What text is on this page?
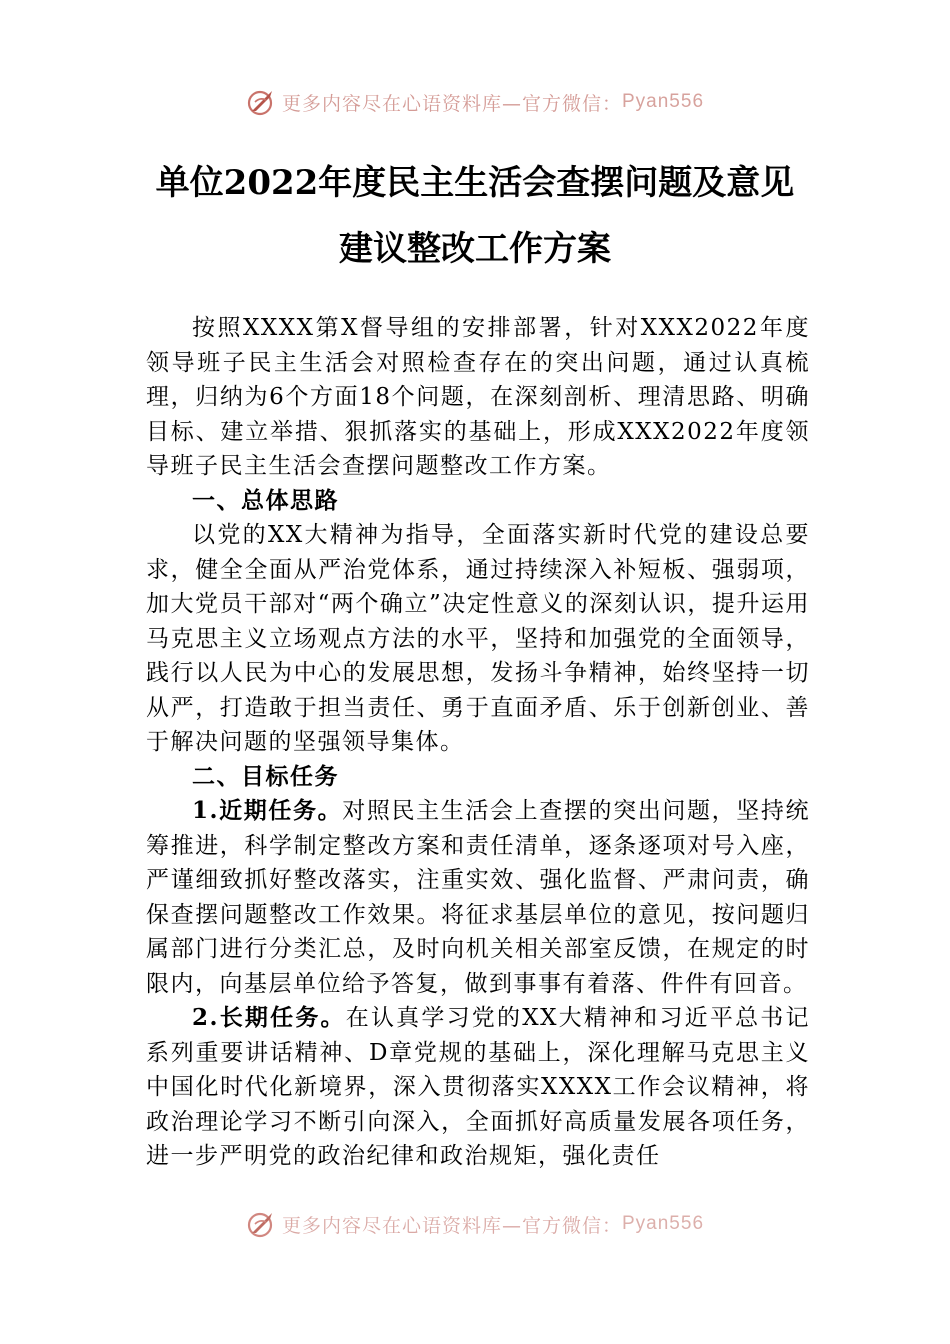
更多内容尽在心语资料库—官方微信： Pyan556
单位2022年度民主生活会查摆问题及意见
建议整改工作方案

按照XXXX第X督导组的安排部署，针对XXX2022年度领导班子民主生活会对照检查存在的突出问题，通过认真梳理，归纳为6个方面18个问题，在深刻剖析、理清思路、明确目标、建立举措、狠抓落实的基础上，形成XXX2022年度领导班子民主生活会查摆问题整改工作方案。

一、总体思路

以党的XX大精神为指导，全面落实新时代党的建设总要求，健全全面从严治党体系，通过持续深入补短板、强弱项，加大党员干部对“两个确立”决定性意义的深刻认识，提升运用马克思主义立场观点方法的水平，坚持和加强党的全面领导，践行以人民为中心的发展思想，发扬斗争精神，始终坚持一切从严，打造敢于担当责任、勇于直面矛盾、乐于创新创业、善于解决问题的坚强领导集体。

二、目标任务

1.近期任务。对照民主生活会上查摆的突出问题，坚持统筹推进，科学制定整改方案和责任清单，逐条逐项对号入座，严谨细致抓好整改落实，注重实效、强化监督、严肃问责，确保查摆问题整改工作效果。将征求基层单位的意见，按问题归属部门进行分类汇总，及时向机关相关部室反馈，在规定的时限内，向基层单位给予答复，做到事事有着落、件件有回音。

2.长期任务。在认真学习党的XX大精神和习近平总书记系列重要讲话精神、D章党规的基础上，深化理解马克思主义中国化时代化新境界，深入贯彻落实XXXX工作会议精神，将政治理论学习不断引向深入，全面抓好高质量发展各项任务，进一步严明党的政治纪律和政治规矩，强化责任

更多内容尽在心语资料库—官方微信： Pyan556
